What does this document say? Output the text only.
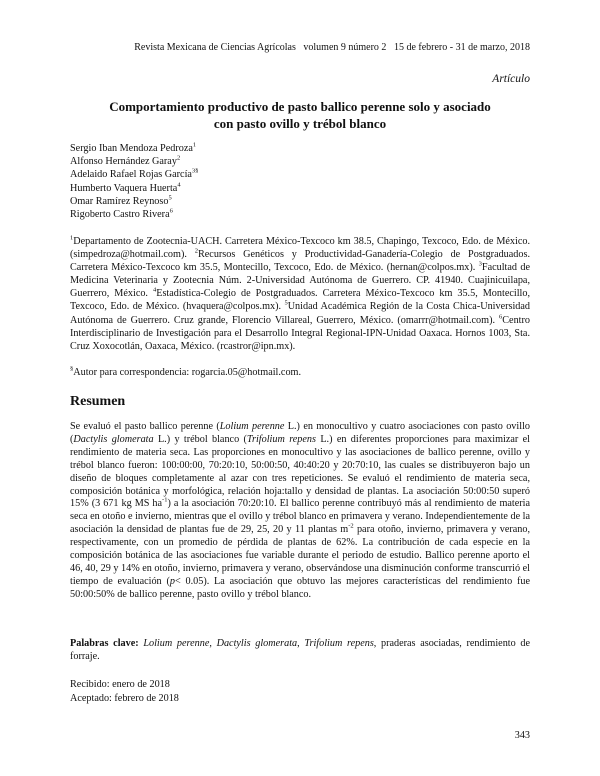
Revista Mexicana de Ciencias Agrícolas volumen 9 número 2 15 de febrero - 31 de marzo, 2018
Artículo
Comportamiento productivo de pasto ballico perenne solo y asociado
con pasto ovillo y trébol blanco
Sergio Iban Mendoza Pedroza$^1$
Alfonso Hernández Garay$^2$
Adelaido Rafael Rojas García$^{3\S}$
Humberto Vaquera Huerta$^4$
Omar Ramírez Reynoso$^5$
Rigoberto Castro Rivera$^6$
$^1$Departamento de Zootecnia-UACH. Carretera México-Texcoco km 38.5, Chapingo, Texcoco, Edo. de México. (simpedroza@hotmail.com). $^2$Recursos Genéticos y Productividad-Ganadería-Colegio de Postgraduados. Carretera México-Texcoco km 35.5, Montecillo, Texcoco, Edo. de México. (hernan@colpos.mx). $^3$Facultad de Medicina Veterinaria y Zootecnia Núm. 2-Universidad Autónoma de Guerrero. CP. 41940. Cuajinicuilapa, Guerrero, México. $^4$Estadística-Colegio de Postgraduados. Carretera México-Texcoco km 35.5, Montecillo, Texcoco, Edo. de México. (hvaquera@colpos.mx). $^5$Unidad Académica Región de la Costa Chica-Universidad Autónoma de Guerrero. Cruz grande, Florencio Villareal, Guerrero, México. (omarrr@hotmail.com). $^6$Centro Interdisciplinario de Investigación para el Desarrollo Integral Regional-IPN-Unidad Oaxaca. Hornos 1003, Sta. Cruz Xoxocotlán, Oaxaca, México. (rcastror@ipn.mx).
§Autor para correspondencia: rogarcia.05@hotmail.com.
Resumen
Se evaluó el pasto ballico perenne (Lolium perenne L.) en monocultivo y cuatro asociaciones con pasto ovillo (Dactylis glomerata L.) y trébol blanco (Trifolium repens L.) en diferentes proporciones para maximizar el rendimiento de materia seca. Las proporciones en monocultivo y las asociaciones de ballico perenne, ovillo y trébol blanco fueron: 100:00:00, 70:20:10, 50:00:50, 40:40:20 y 20:70:10, las cuales se distribuyeron bajo un diseño de bloques completamente al azar con tres repeticiones. Se evaluó el rendimiento de materia seca, composición botánica y morfológica, relación hoja:tallo y densidad de plantas. La asociación 50:00:50 superó 15% (3 671 kg MS $ha^{-1}$) a la asociación 70:20:10. El ballico perenne contribuyó más al rendimiento de materia seca en otoño e invierno, mientras que el ovillo y trébol blanco en primavera y verano. Independientemente de la asociación la densidad de plantas fue de 29, 25, 20 y 11 plantas $m^{-2}$ para otoño, invierno, primavera y verano, respectivamente, con un promedio de pérdida de plantas de 62%. La contribución de cada especie en la composición botánica de las asociaciones fue variable durante el periodo de estudio. Ballico perenne aporto el 46, 40, 29 y 14% en otoño, invierno, primavera y verano, observándose una disminución conforme transcurrió el tiempo de evaluación (p< 0.05). La asociación que obtuvo las mejores características del rendimiento fue 50:00:50% de ballico perenne, pasto ovillo y trébol blanco.
Palabras clave: Lolium perenne, Dactylis glomerata, Trifolium repens, praderas asociadas, rendimiento de forraje.
Recibido: enero de 2018
Aceptado: febrero de 2018
343
